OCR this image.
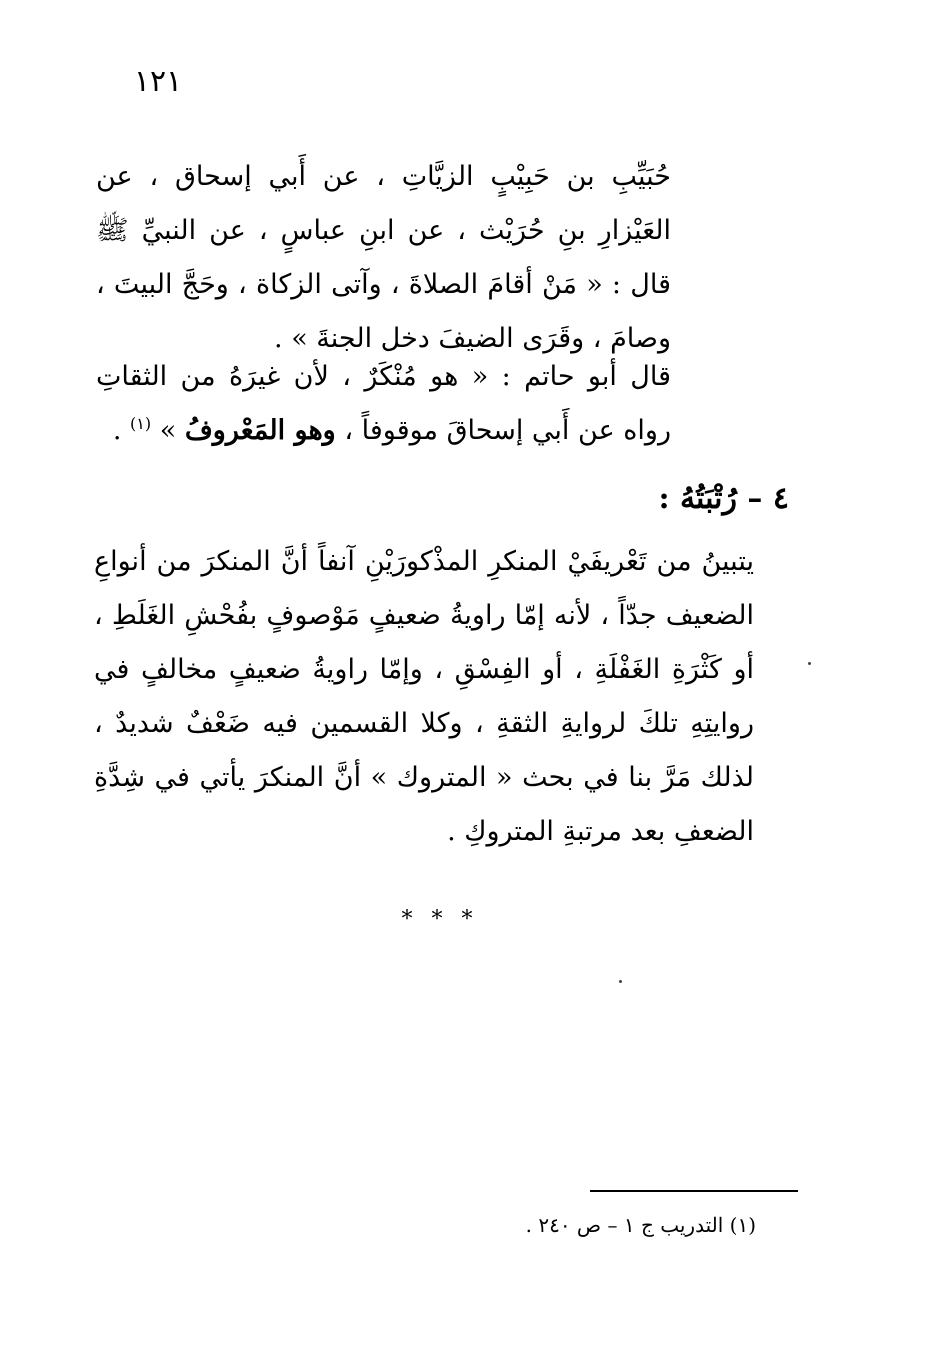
١٢١

حُبَيِّبِ بن حَبِيْبٍ الزيَّاتِ ، عن أَبي إسحاق ، عن العَيْزارِ بنِ حُرَيْث ، عن ابنِ عباسٍ ، عن النبيِّ ﷺ قال : « مَنْ أقامَ الصلاةَ ، وآتى الزكاة ، وحَجَّ البيتَ ، وصامَ ، وقَرَى الضيفَ دخل الجنةَ » .

قال أبو حاتم : « هو مُنْكَرٌ ، لأن غيرَهُ من الثقاتِ رواه عن أَبي إسحاقَ موقوفاً ، وهو المَعْروفُ » $^{(١)}$ .

٤ – رُتْبَتُهُ :

يتبينُ من تَعْريفَيْ المنكرِ المذْكورَيْنِ آنفاً أنَّ المنكرَ من أنواعِ الضعيف جدّاً ، لأنه إمّا راويةُ ضعيفٍ مَوْصوفٍ بفُحْشِ الغَلَطِ ، أو كَثْرَةِ الغَفْلَةِ ، أو الفِسْقِ ، وإمّا راويةُ ضعيفٍ مخالفٍ في روايتِهِ تلكَ لروايةِ الثقةِ ، وكلا القسمين فيه ضَعْفٌ شديدٌ ، لذلك مَرَّ بنا في بحث « المتروك » أنَّ المنكرَ يأتي في شِدَّةِ الضعفِ بعد مرتبةِ المتروكِ .

* * *

(١) التدريب ج ١ – ص ٢٤٠ .
